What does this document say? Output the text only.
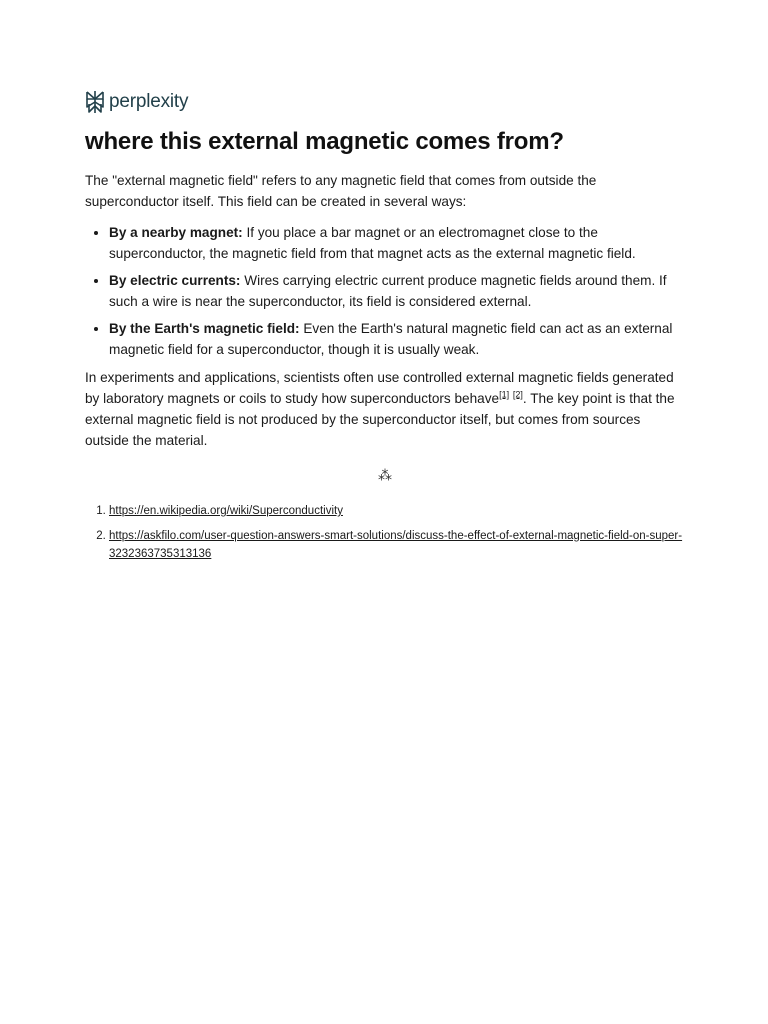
perplexity
where this external magnetic comes from?

The "external magnetic field" refers to any magnetic field that comes from outside the superconductor itself. This field can be created in several ways:

• By a nearby magnet: If you place a bar magnet or an electromagnet close to the superconductor, the magnetic field from that magnet acts as the external magnetic field.
• By electric currents: Wires carrying electric current produce magnetic fields around them. If such a wire is near the superconductor, its field is considered external.
• By the Earth's magnetic field: Even the Earth's natural magnetic field can act as an external magnetic field for a superconductor, though it is usually weak.

In experiments and applications, scientists often use controlled external magnetic fields generated by laboratory magnets or coils to study how superconductors behave[1] [2]. The key point is that the external magnetic field is not produced by the superconductor itself, but comes from sources outside the material.

⁂
1. https://en.wikipedia.org/wiki/Superconductivity
2. https://askfilo.com/user-question-answers-smart-solutions/discuss-the-effect-of-external-magnetic-field-on-super-3232363735313136
